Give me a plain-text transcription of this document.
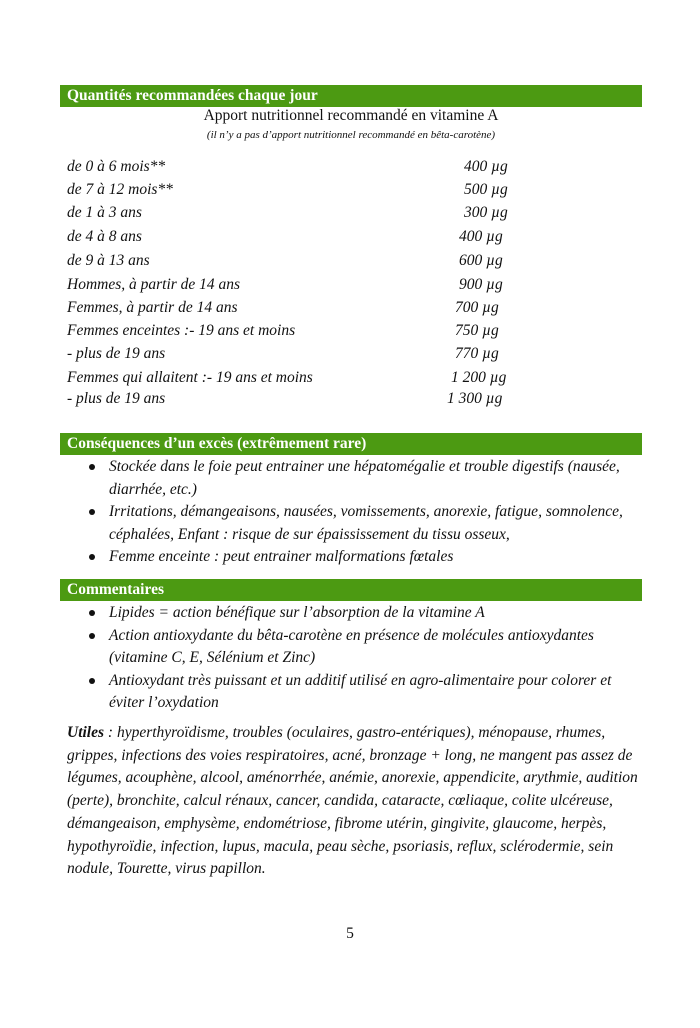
Quantités recommandées chaque jour
Apport nutritionnel recommandé en vitamine A
(il n’y a pas d’apport nutritionnel recommandé en bêta-carotène)
de 0 à 6 mois**	400 µg
de 7 à 12 mois**	500 µg
de 1 à 3 ans	300 µg
de 4 à 8 ans	400 µg
de 9 à 13 ans	600 µg
Hommes, à partir de 14 ans	900 µg
Femmes, à partir de 14 ans	700 µg
Femmes enceintes :- 19 ans et moins	750 µg
- plus de 19 ans	770 µg
Femmes qui allaitent :- 19 ans et moins	1 200 µg
- plus de 19 ans	1 300 µg
Conséquences d’un excès (extrêmement rare)
Stockée dans le foie peut entrainer une hépatomégalie et trouble digestifs (nausée, diarrhée, etc.)
Irritations, démangeaisons, nausées, vomissements, anorexie, fatigue, somnolence, céphalées, Enfant : risque de sur épaississement du tissu osseux,
Femme enceinte : peut entrainer malformations fœtales
Commentaires
Lipides = action bénéfique sur l’absorption de la vitamine A
Action antioxydante du bêta-carotène en présence de molécules antioxydantes (vitamine C, E, Sélénium et Zinc)
Antioxydant très puissant et un additif utilisé en agro-alimentaire pour colorer et éviter l’oxydation
Utiles : hyperthyroïdisme, troubles (oculaires, gastro-entériques), ménopause, rhumes, grippes, infections des voies respiratoires, acné, bronzage + long, ne mangent pas assez de légumes, acouphène, alcool, aménorrhée, anémie, anorexie, appendicite, arythmie, audition (perte), bronchite, calcul rénaux, cancer, candida, cataracte, cœliaque, colite ulcéreuse, démangeaison, emphysème, endométriose, fibrome utérin, gingivite, glaucome, herpès, hypothyroïdie, infection, lupus, macula, peau sèche, psoriasis, reflux, sclérodermie, sein nodule, Tourette, virus papillon.
5
